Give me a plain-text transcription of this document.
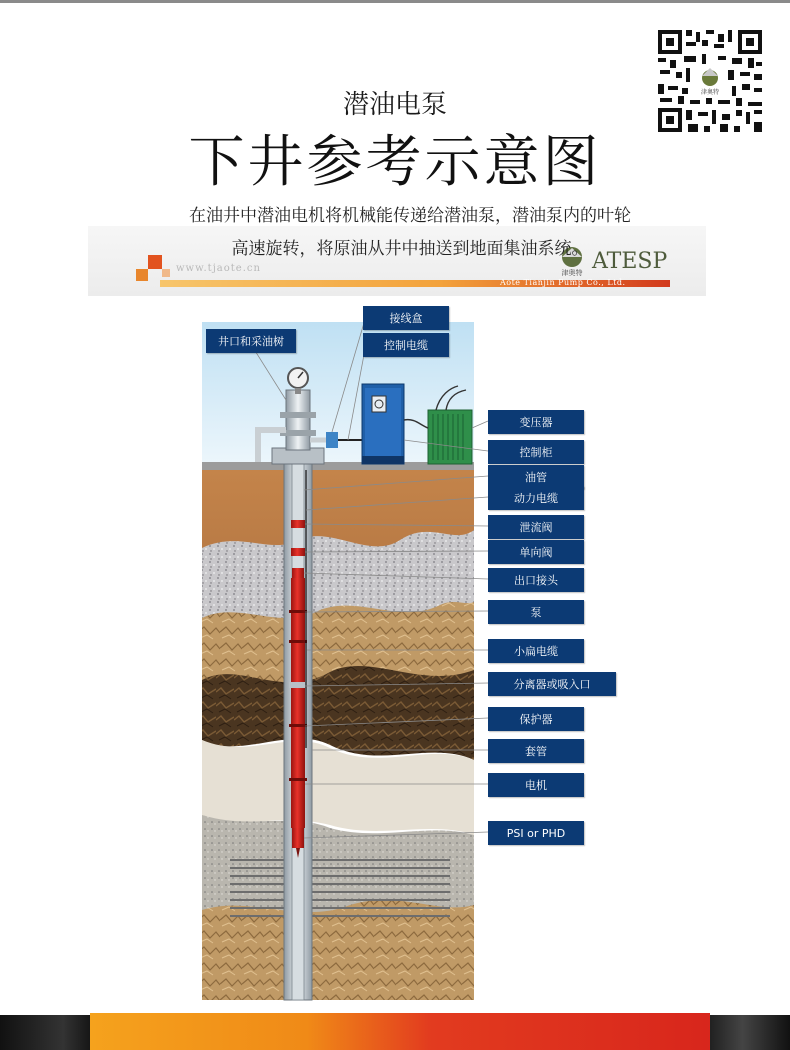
津奥特
潜油电泵
下井参考示意图
www.tjaote.cn
Aote Tianjin Pump Co., Ltd.
津奥特 ATESP
在油井中潜油电机将机械能传递给潜油泵，潜油泵内的叶轮
高速旋转，将原油从井中抽送到地面集油系统。
井口和采油树
接线盒
控制电缆
变压器
控制柜
油管
动力电缆
泄流阀
单向阀
出口接头
泵
小扁电缆
分离器或吸入口
保护器
套管
电机
PSI or PHD
